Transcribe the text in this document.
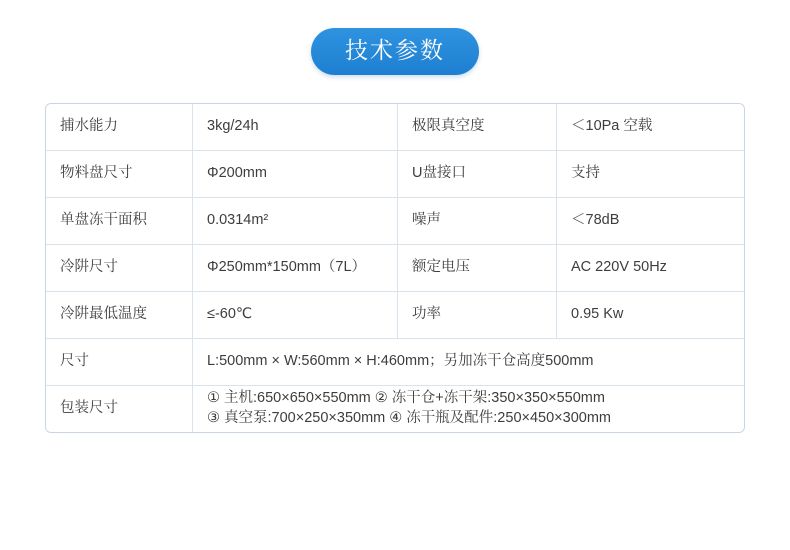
技术参数
捕水能力	3kg/24h	极限真空度	＜10Pa 空载
物料盘尺寸	Φ200mm	U盘接口	支持
单盘冻干面积	0.0314m²	噪声	＜78dB
冷阱尺寸	Φ250mm*150mm（7L）	额定电压	AC 220V 50Hz
冷阱最低温度	≤-60℃	功率	0.95 Kw
尺寸	L:500mm × W:560mm × H:460mm；另加冻干仓高度500mm		
包装尺寸	① 主机:650×650×550mm ② 冻干仓+冻干架:350×350×550mm
③ 真空泵:700×250×350mm ④ 冻干瓶及配件:250×450×300mm		
